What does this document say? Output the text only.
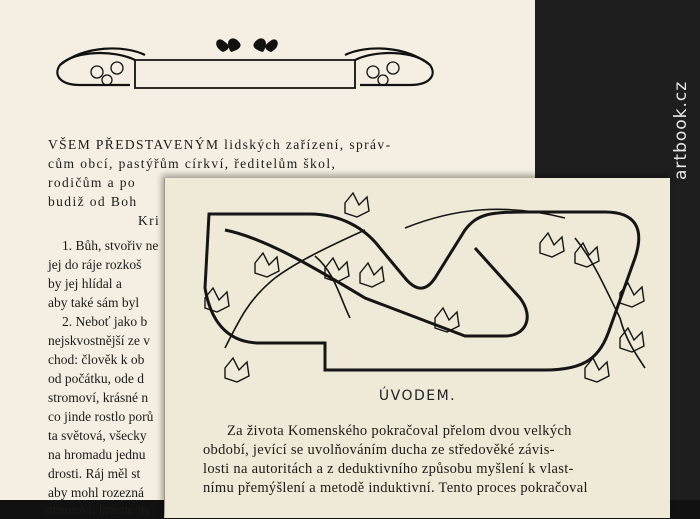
VŠEM PŘEDSTAVENÝM lidských zařízení, správ-
cům obcí, pastýřům církví, ředitelům škol,
rodičům a po
budiž od Boh
Kri
1. Bůh, stvořiv ne
jej do ráje rozkoš
by jej hlídal a
aby také sám byl
2. Neboť jako b
nejskvostnější ze v
chod: člověk k ob
od počátku, ode d
stromoví, krásné n
co jinde rostlo porů
ta světová, všecky
na hromadu jednu
drosti. Ráj měl st
aby mohl rozezná
stromoví, krásné na
artbook.cz
ÚVODEM.
Za života Komenského pokračoval přelom dvou velkých
období, jevící se uvolňováním ducha ze středověké závis-
losti na autoritách a z deduktivního způsobu myšlení k vlast-
nímu přemýšlení a metodě induktivní. Tento proces pokračoval
